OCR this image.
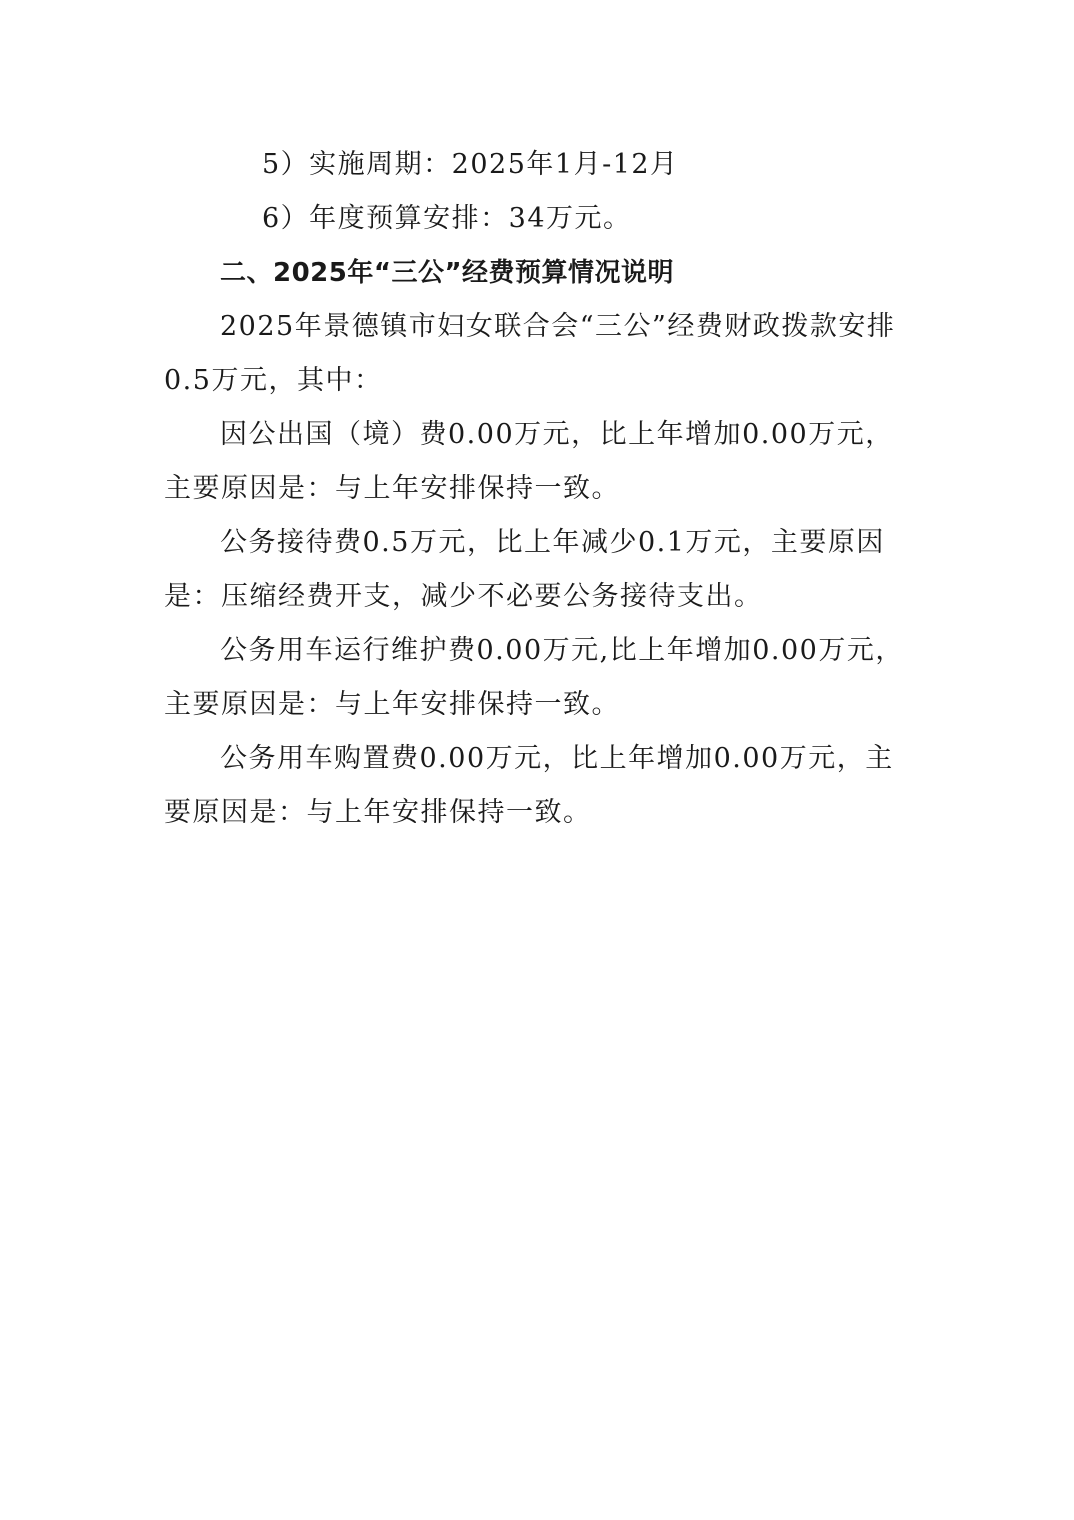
5）实施周期：2025年1月-12月
6）年度预算安排：34万元。
二、2025年“三公”经费预算情况说明
2025年景德镇市妇女联合会“三公”经费财政拨款安排
0.5万元，其中：
因公出国（境）费0.00万元，比上年增加0.00万元，
主要原因是：与上年安排保持一致。
公务接待费0.5万元，比上年减少0.1万元，主要原因
是：压缩经费开支，减少不必要公务接待支出。
公务用车运行维护费0.00万元,比上年增加0.00万元，
主要原因是：与上年安排保持一致。
公务用车购置费0.00万元，比上年增加0.00万元，主
要原因是：与上年安排保持一致。
